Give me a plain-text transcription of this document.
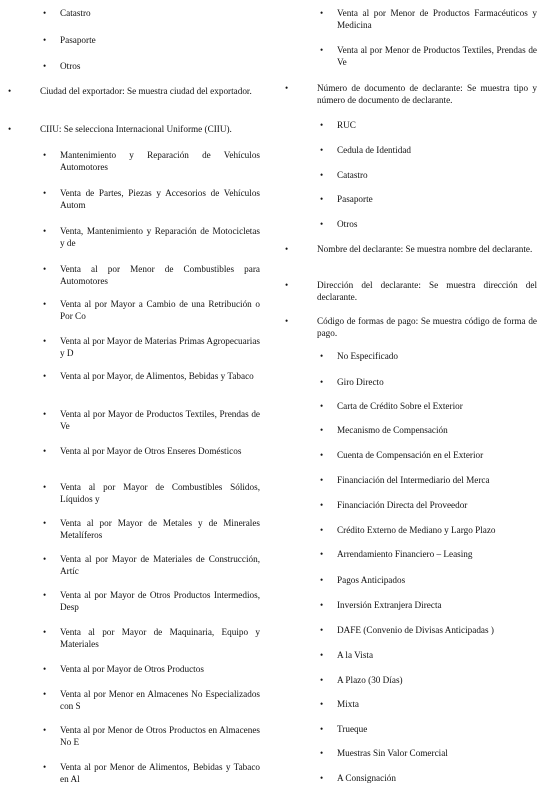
• Catastro
• Pasaporte
• Otros
•	Ciudad del exportador: Se muestra ciudad del exportador.
•	CIIU: Se selecciona Internacional Uniforme (CIIU).
• Mantenimiento y Reparación de Vehículos Automotores
• Venta de Partes, Piezas y Accesorios de Vehículos Autom
• Venta, Mantenimiento y Reparación de Motocicletas y de
• Venta al por Menor de Combustibles para Automotores
• Venta al por Mayor a Cambio de una Retribución o Por Co
• Venta al por Mayor de Materias Primas Agropecuarias y D
• Venta al por Mayor, de Alimentos, Bebidas y Tabaco
• Venta al por Mayor de Productos Textiles, Prendas de Ve
• Venta al por Mayor de Otros Enseres Domésticos
• Venta al por Mayor de Combustibles Sólidos, Líquidos y
• Venta al por Mayor de Metales y de Minerales Metalíferos
• Venta al por Mayor de Materiales de Construcción, Artíc
• Venta al por Mayor de Otros Productos Intermedios, Desp
• Venta al por Mayor de Maquinaria, Equipo y Materiales
• Venta al por Mayor de Otros Productos
• Venta al por Menor en Almacenes No Especializados con S
• Venta al por Menor de Otros Productos en Almacenes No E
• Venta al por Menor de Alimentos, Bebidas y Tabaco en Al
• Venta al por Menor de Productos Farmacéuticos y Medicina
• Venta al por Menor de Productos Textiles, Prendas de Ve
•	Número de documento de declarante: Se muestra tipo y número de documento de declarante.
• RUC
• Cedula de Identidad
• Catastro
• Pasaporte
• Otros
•	Nombre del declarante: Se muestra nombre del declarante.
•	Dirección del declarante: Se muestra dirección del declarante.
•	Código de formas de pago: Se muestra código de forma de pago.
• No Especificado
• Giro Directo
• Carta de Crédito Sobre el Exterior
• Mecanismo de Compensación
• Cuenta de Compensación en el Exterior
• Financiación del Intermediario del Merca
• Financiación Directa del Proveedor
• Crédito Externo de Mediano y Largo Plazo
• Arrendamiento Financiero – Leasing
• Pagos Anticipados
• Inversión Extranjera Directa
• DAFE (Convenio de Divisas Anticipadas )
• A la Vista
• A Plazo (30 Días)
• Mixta
• Trueque
• Muestras Sin Valor Comercial
• A Consignación
